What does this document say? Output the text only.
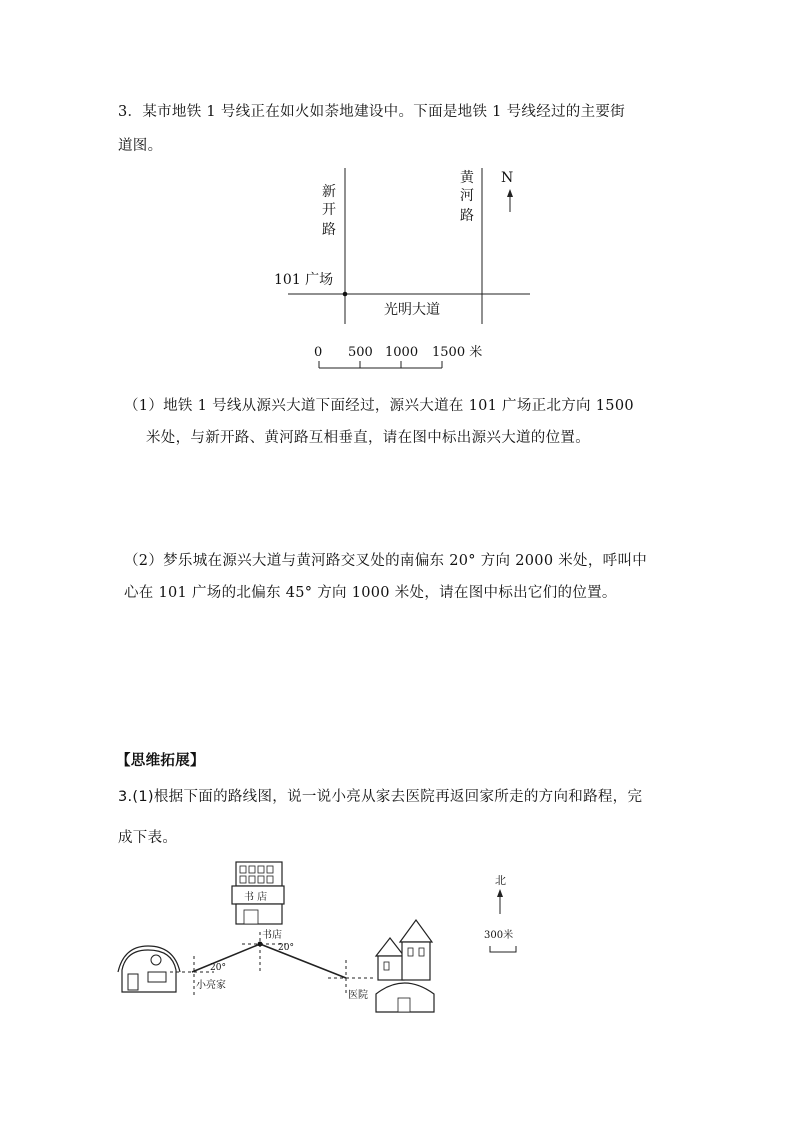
3．某市地铁 1 号线正在如火如荼地建设中。下面是地铁 1 号线经过的主要街
道图。
新
开
路
黄
河
路
101 广场
光明大道
N
0 500 1000 1500 米
（1）地铁 1 号线从源兴大道下面经过，源兴大道在 101 广场正北方向 1500
米处，与新开路、黄河路互相垂直，请在图中标出源兴大道的位置。
（2）梦乐城在源兴大道与黄河路交叉处的南偏东 20° 方向 2000 米处，呼叫中
心在 101 广场的北偏东 45° 方向 1000 米处，请在图中标出它们的位置。
【思维拓展】
3.(1)根据下面的路线图，说一说小亮从家去医院再返回家所走的方向和路程，完
成下表。
书 店
20°
小亮家
书店
20°
医院
北
300米
